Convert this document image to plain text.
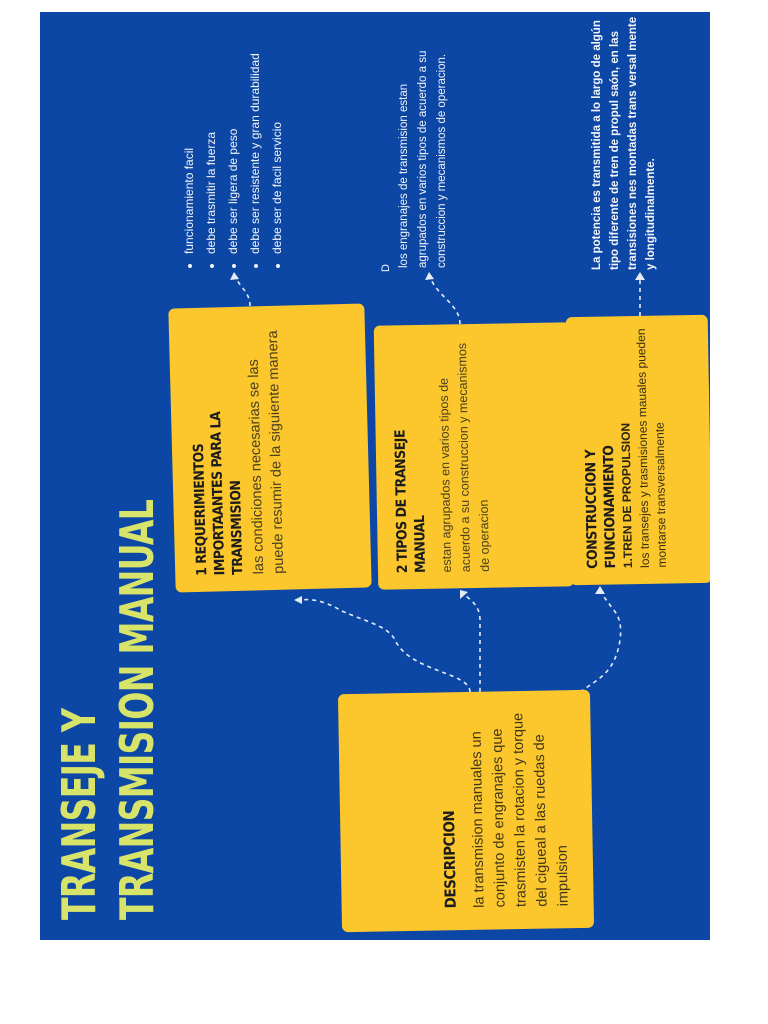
TRANSEJE Y TRANSMISION MANUAL	DESCRIPCION la transmision manuales un conjunto de engranajes que trasmisten la rotacion y torque del cigueal a las ruedas de impulsion

1 REQUERIMIENTOS IMPORTAANTES PARA LA TRANSMISION las condiciones necesarias se las puede resumir de la siguiente manera	2 TIPOS DE TRANSEJE MANUAL estan agrupados en varios tipos de acuerdo a su construccion y mecanismos de operacion	CONSTRUCCION Y FUNCIONAMIENTO 1.TREN DE PROPULSION

los transejes y trasmisiones mauales pueden montarse transversalmente

• funcionamiento facil • debe trasmitir la fuerza • debe ser ligera de peso • debe ser resistente y gran durabilidad • debe ser de facil servicio
D
los engranajes de transmision estan agrupados en varios tipos de acuerdo a su construccion y mecanismos de operacion.	La potencia es transmitida a lo largo de algún tipo diferente de tren de propul saón, en las transisiones nes montadas trans versal mente y longitudinalmente.
